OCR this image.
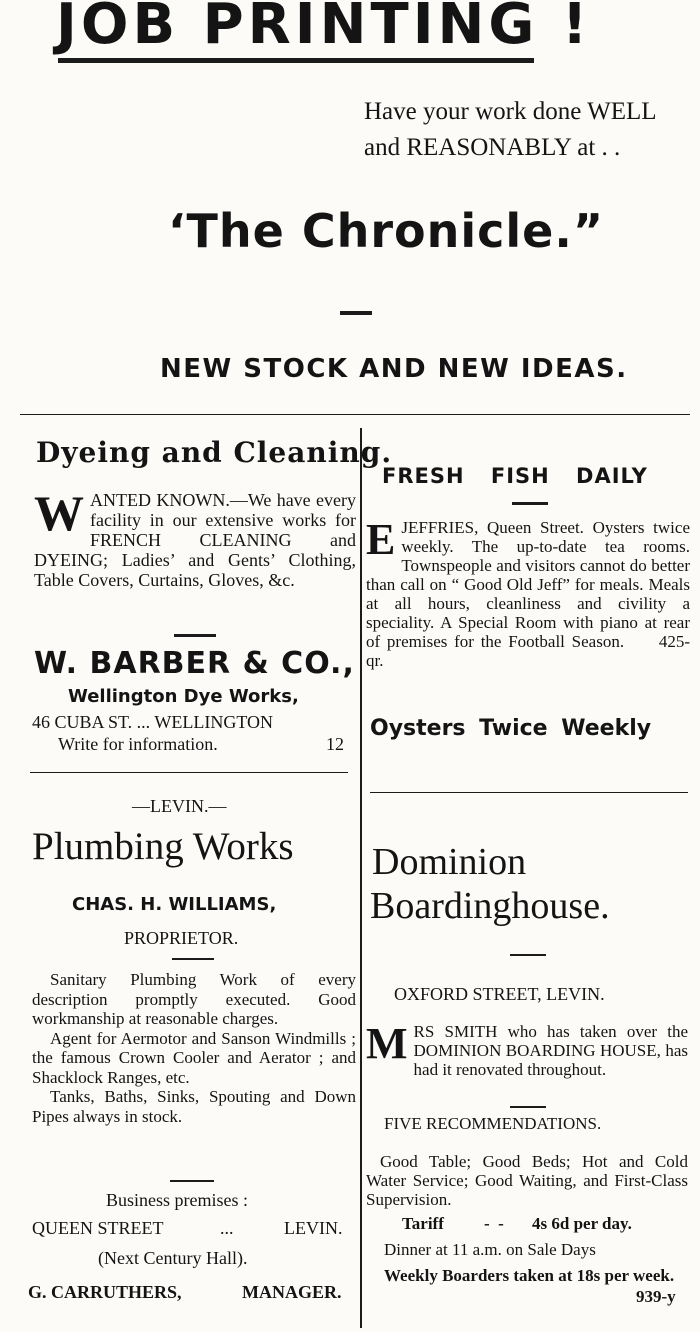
JOB PRINTING !
Have your work done WELL
and REASONABLY at . .
‘The Chronicle.”
NEW STOCK AND NEW IDEAS.
Dyeing and Cleaning.
W ANTED KNOWN.—We have every facility in our extensive works for FRENCH CLEANING and DYEING; Ladies’ and Gents’ Clothing, Table Covers, Curtains, Gloves, &c.
W. BARBER & CO.,
Wellington Dye Works,
46 CUBA ST. ... WELLINGTON
Write for information.	12
FRESH FISH DAILY
E JEFFRIES, Queen Street. Oysters twice weekly. The up-to-date tea rooms. Townspeople and visitors cannot do better than call on “ Good Old Jeff” for meals. Meals at all hours, cleanliness and civility a speciality. A Special Room with piano at rear of premises for the Football Season. 425-qr.
Oysters Twice Weekly
—LEVIN.—
Plumbing Works
CHAS. H. WILLIAMS,
PROPRIETOR.

Sanitary Plumbing Work of every description promptly executed. Good workmanship at reasonable charges.

Agent for Aermotor and Sanson Windmills ; the famous Crown Cooler and Aerator ; and Shacklock Ranges, etc.

Tanks, Baths, Sinks, Spouting and Down Pipes always in stock.

Business premises :
QUEEN STREET	...	LEVIN.
(Next Century Hall).
G. CARRUTHERS,	MANAGER.
Dominion
Boardinghouse.
OXFORD STREET, LEVIN.
M RS SMITH who has taken over the DOMINION BOARDING HOUSE, has had it renovated throughout.
FIVE RECOMMENDATIONS.
Good Table; Good Beds; Hot and Cold Water Service; Good Waiting, and First-Class Supervision.
Tariff -  - 4s 6d per day.
Dinner at 11 a.m. on Sale Days
Weekly Boarders taken at 18s per week.
939-y
